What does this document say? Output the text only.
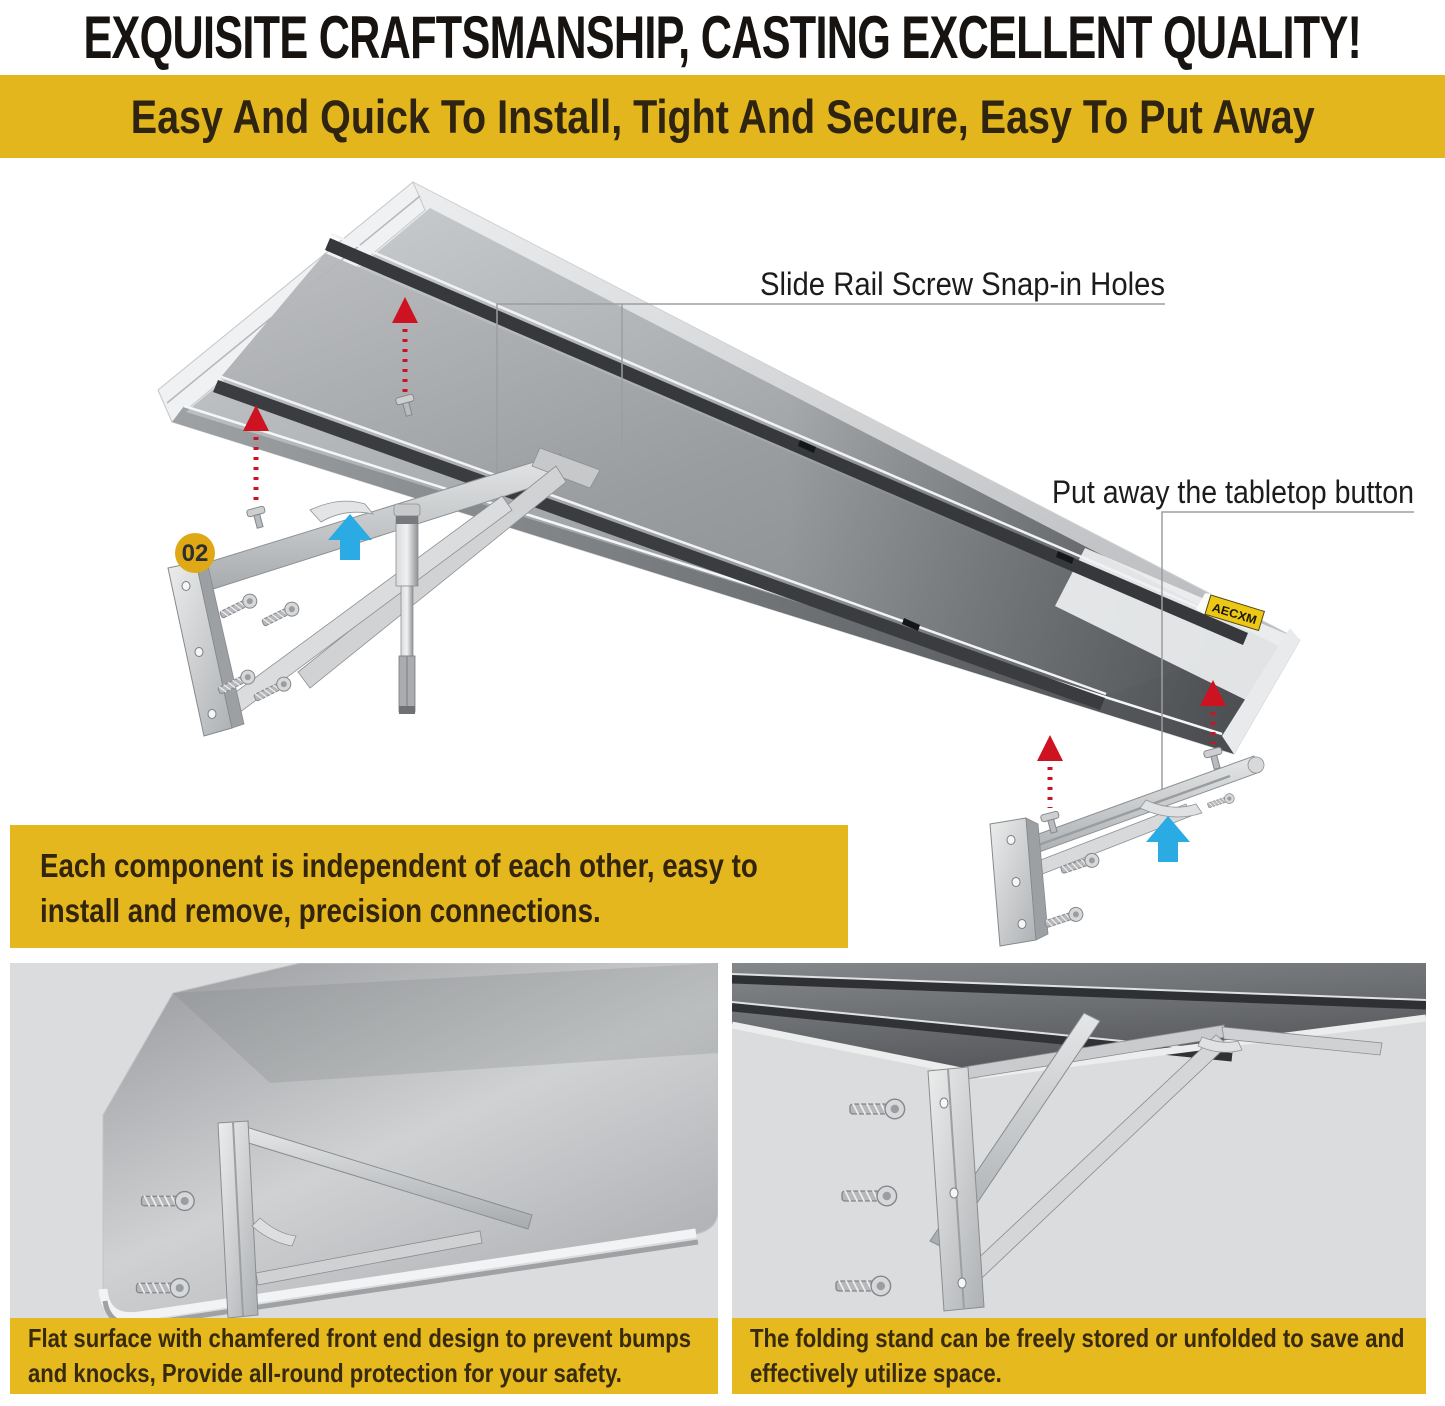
EXQUISITE CRAFTSMANSHIP, CASTING EXCELLENT QUALITY!
Easy And Quick To Install, Tight And Secure, Easy To Put Away
Slide Rail Screw Snap-in Holes
Put away the tabletop button
02
AECXM
Each component is independent of each other, easy to install and remove, precision connections.
Flat surface with chamfered front end design to prevent bumps and knocks, Provide all-round protection for your safety.
The folding stand can be freely stored or unfolded to save and effectively utilize space.
